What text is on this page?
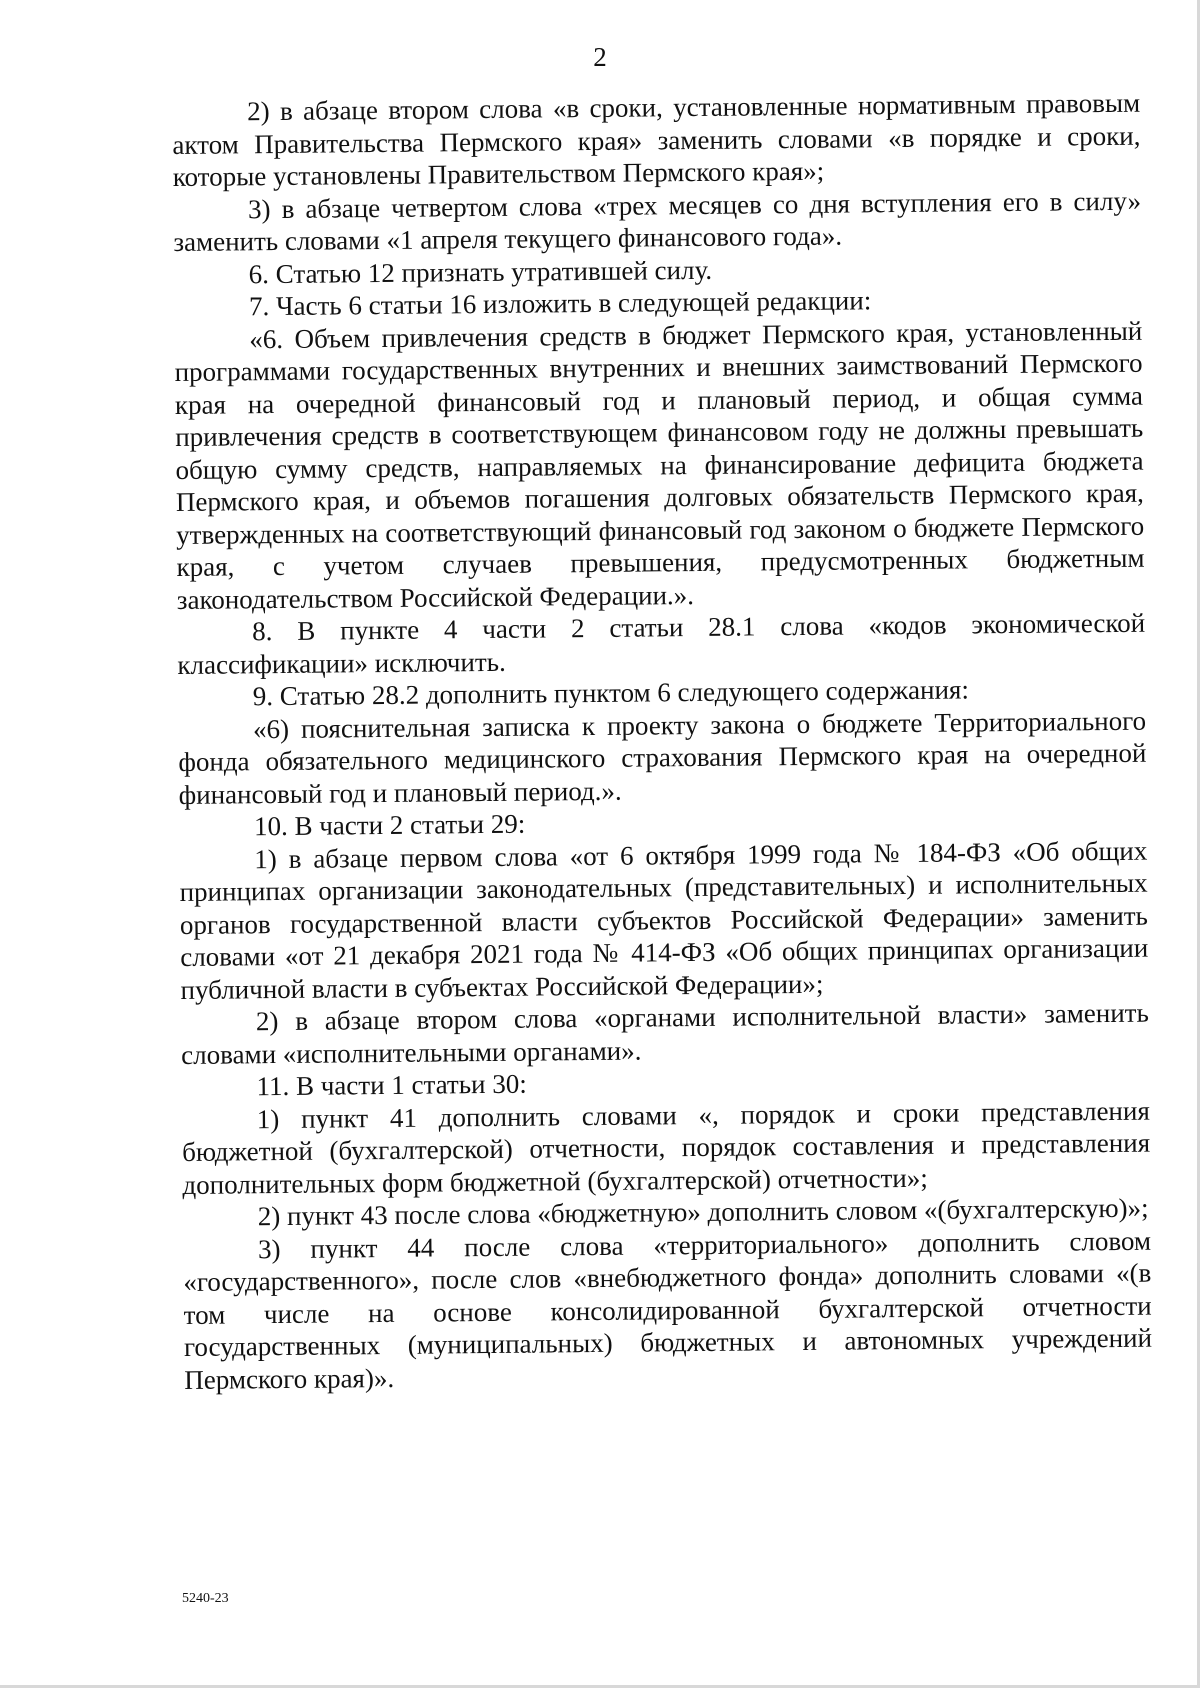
2

2) в абзаце втором слова «в сроки, установленные нормативным правовым актом Правительства Пермского края» заменить словами «в порядке и сроки, которые установлены Правительством Пермского края»;

3) в абзаце четвертом слова «трех месяцев со дня вступления его в силу» заменить словами «1 апреля текущего финансового года».

6. Статью 12 признать утратившей силу.

7. Часть 6 статьи 16 изложить в следующей редакции:

«6. Объем привлечения средств в бюджет Пермского края, установленный программами государственных внутренних и внешних заимствований Пермского края на очередной финансовый год и плановый период, и общая сумма привлечения средств в соответствующем финансовом году не должны превышать общую сумму средств, направляемых на финансирование дефицита бюджета Пермского края, и объемов погашения долговых обязательств Пермского края, утвержденных на соответствующий финансовый год законом о бюджете Пермского края, с учетом случаев превышения, предусмотренных бюджетным законодательством Российской Федерации.».

8. В пункте 4 части 2 статьи 28.1 слова «кодов экономической классификации» исключить.

9. Статью 28.2 дополнить пунктом 6 следующего содержания:

«6) пояснительная записка к проекту закона о бюджете Территориального фонда обязательного медицинского страхования Пермского края на очередной финансовый год и плановый период.».

10. В части 2 статьи 29:

1) в абзаце первом слова «от 6 октября 1999 года № 184-ФЗ «Об общих принципах организации законодательных (представительных) и исполнительных органов государственной власти субъектов Российской Федерации» заменить словами «от 21 декабря 2021 года № 414-ФЗ «Об общих принципах организации публичной власти в субъектах Российской Федерации»;

2) в абзаце втором слова «органами исполнительной власти» заменить словами «исполнительными органами».

11. В части 1 статьи 30:

1) пункт 41 дополнить словами «, порядок и сроки представления бюджетной (бухгалтерской) отчетности, порядок составления и представления дополнительных форм бюджетной (бухгалтерской) отчетности»;

2) пункт 43 после слова «бюджетную» дополнить словом «(бухгалтерскую)»;

3) пункт 44 после слова «территориального» дополнить словом «государственного», после слов «внебюджетного фонда» дополнить словами «(в том числе на основе консолидированной бухгалтерской отчетности государственных (муниципальных) бюджетных и автономных учреждений Пермского края)».

5240-23
